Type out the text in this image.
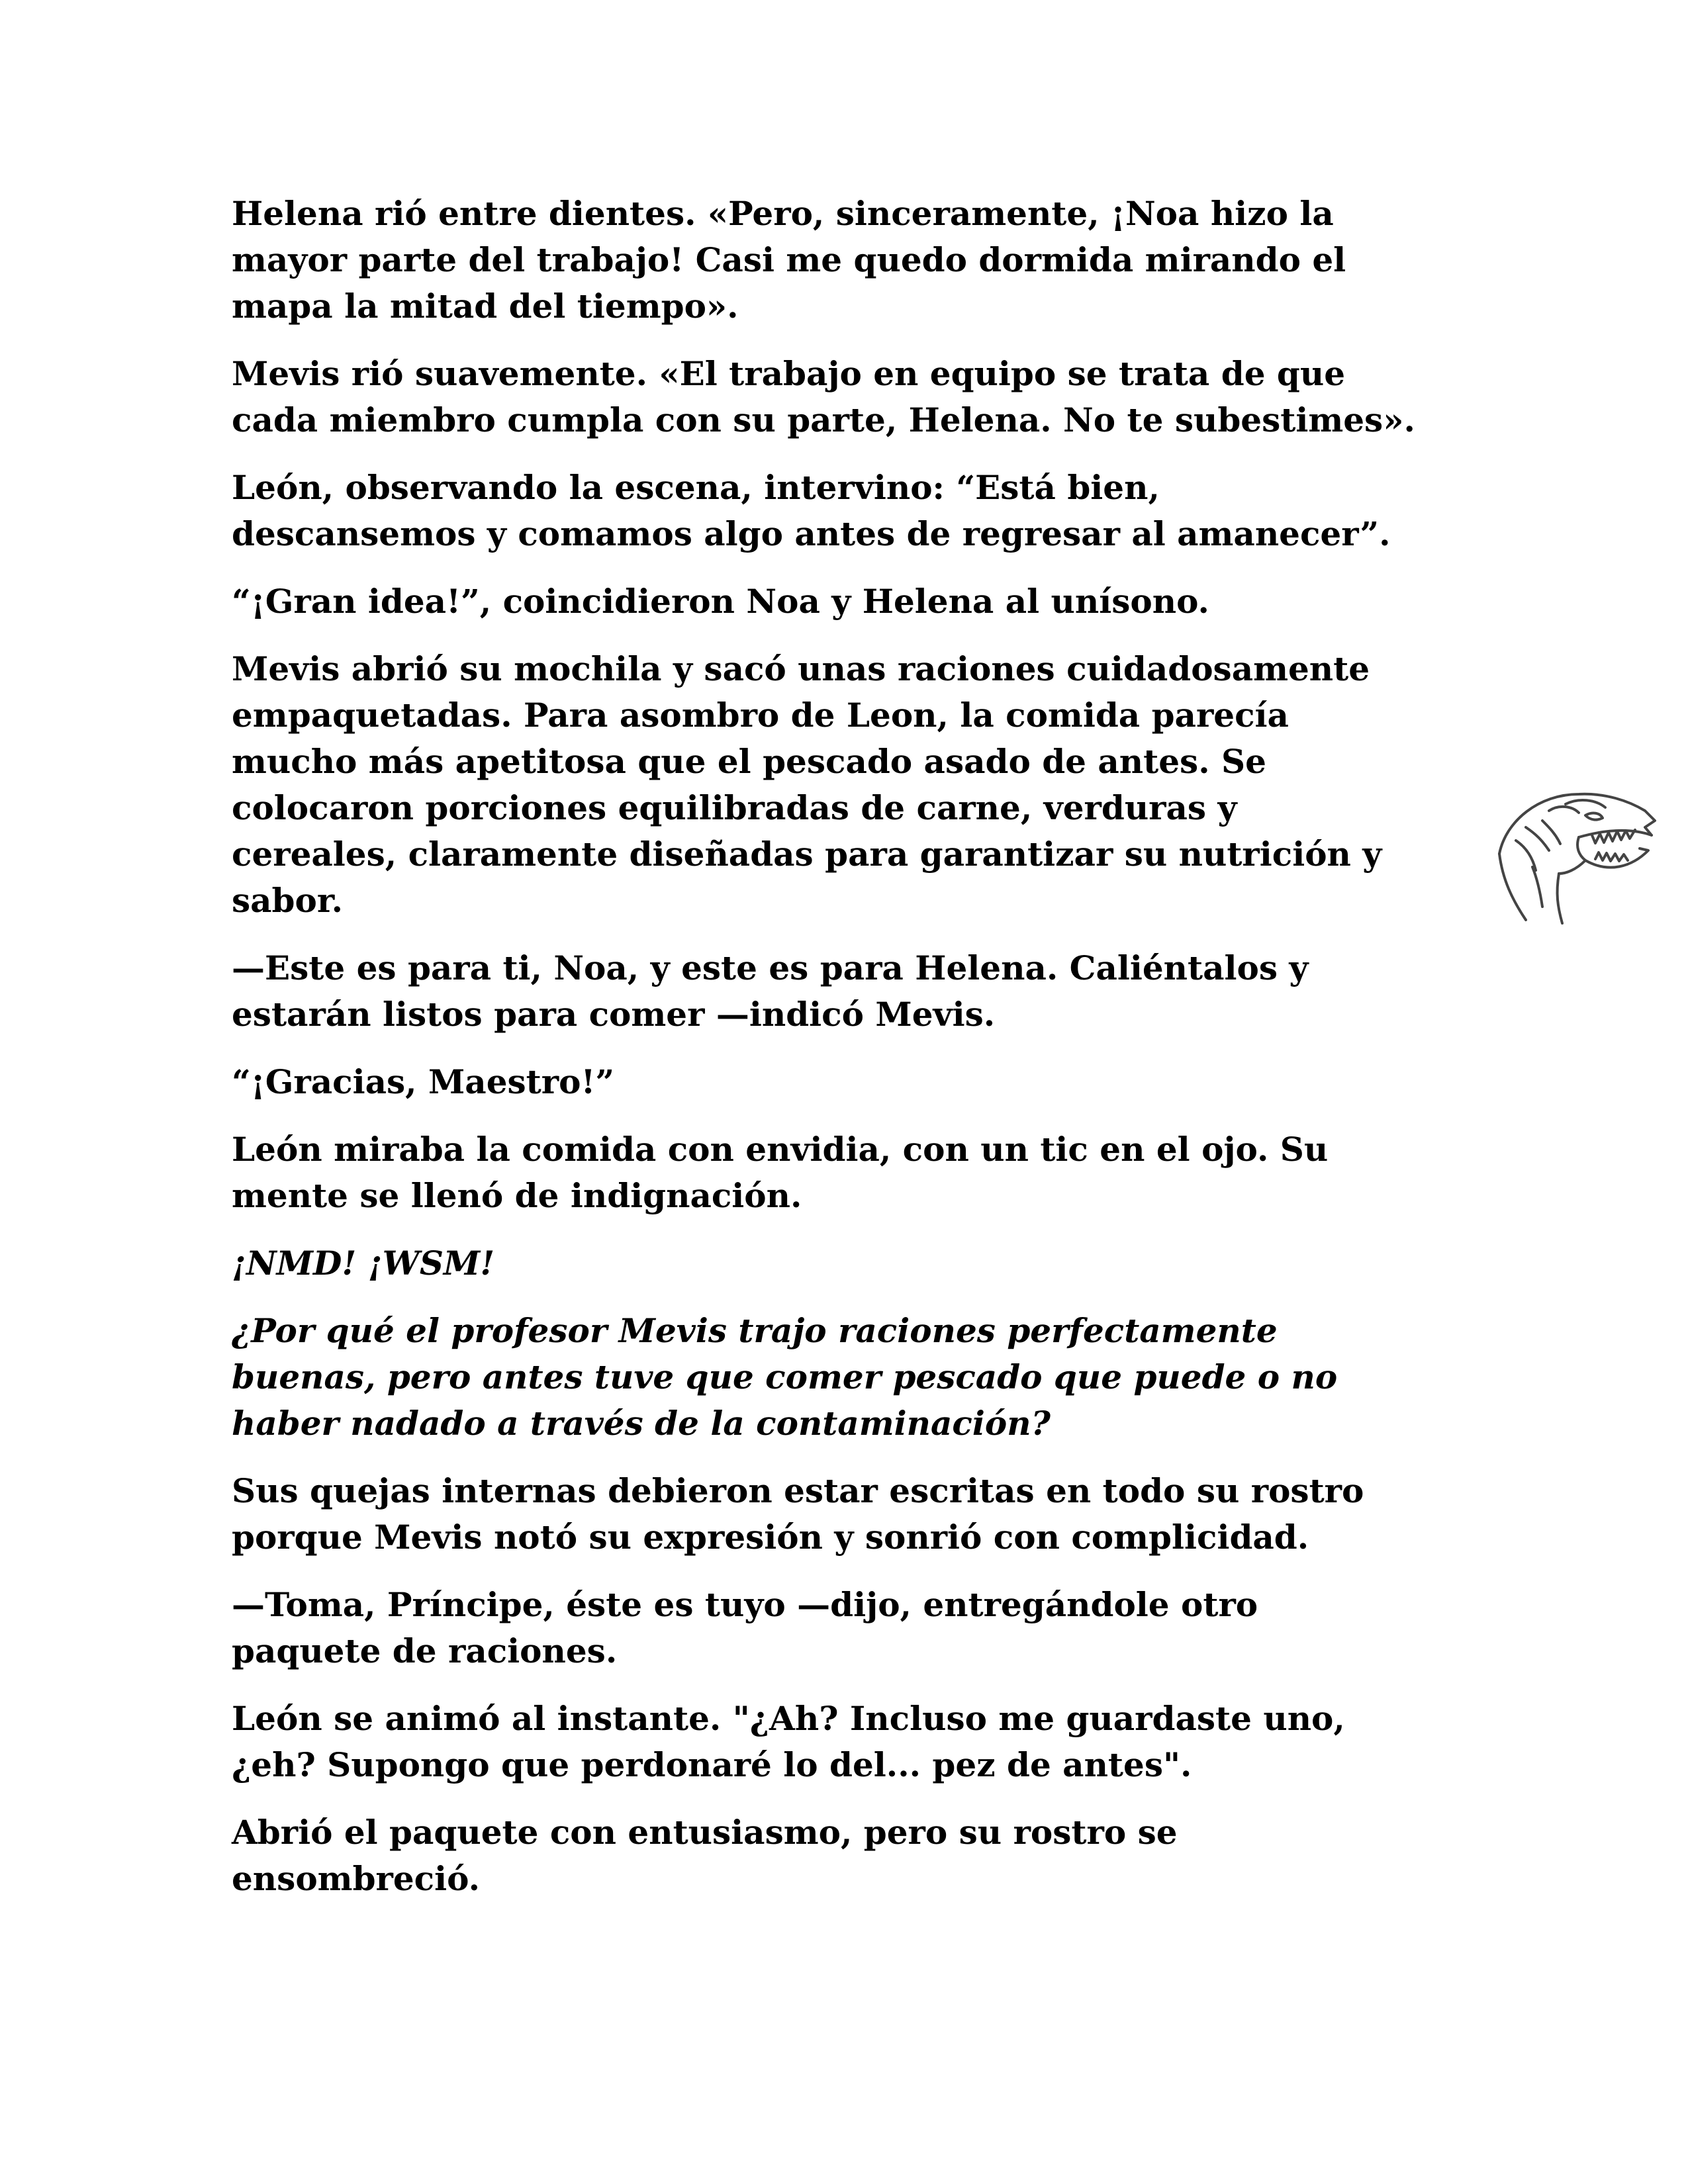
Helena rió entre dientes. «Pero, sinceramente, ¡Noa hizo la
mayor parte del trabajo! Casi me quedo dormida mirando el
mapa la mitad del tiempo».

Mevis rió suavemente. «El trabajo en equipo se trata de que
cada miembro cumpla con su parte, Helena. No te subestimes».

León, observando la escena, intervino: “Está bien,
descansemos y comamos algo antes de regresar al amanecer”.

“¡Gran idea!”, coincidieron Noa y Helena al unísono.

Mevis abrió su mochila y sacó unas raciones cuidadosamente
empaquetadas. Para asombro de Leon, la comida parecía
mucho más apetitosa que el pescado asado de antes. Se
colocaron porciones equilibradas de carne, verduras y
cereales, claramente diseñadas para garantizar su nutrición y
sabor.

—Este es para ti, Noa, y este es para Helena. Caliéntalos y
estarán listos para comer —indicó Mevis.

“¡Gracias, Maestro!”

León miraba la comida con envidia, con un tic en el ojo. Su
mente se llenó de indignación.

¡NMD! ¡WSM!

¿Por qué el profesor Mevis trajo raciones perfectamente
buenas, pero antes tuve que comer pescado que puede o no
haber nadado a través de la contaminación?

Sus quejas internas debieron estar escritas en todo su rostro
porque Mevis notó su expresión y sonrió con complicidad.

—Toma, Príncipe, éste es tuyo —dijo, entregándole otro
paquete de raciones.

León se animó al instante. "¿Ah? Incluso me guardaste uno,
¿eh? Supongo que perdonaré lo del... pez de antes".

Abrió el paquete con entusiasmo, pero su rostro se
ensombreció.
